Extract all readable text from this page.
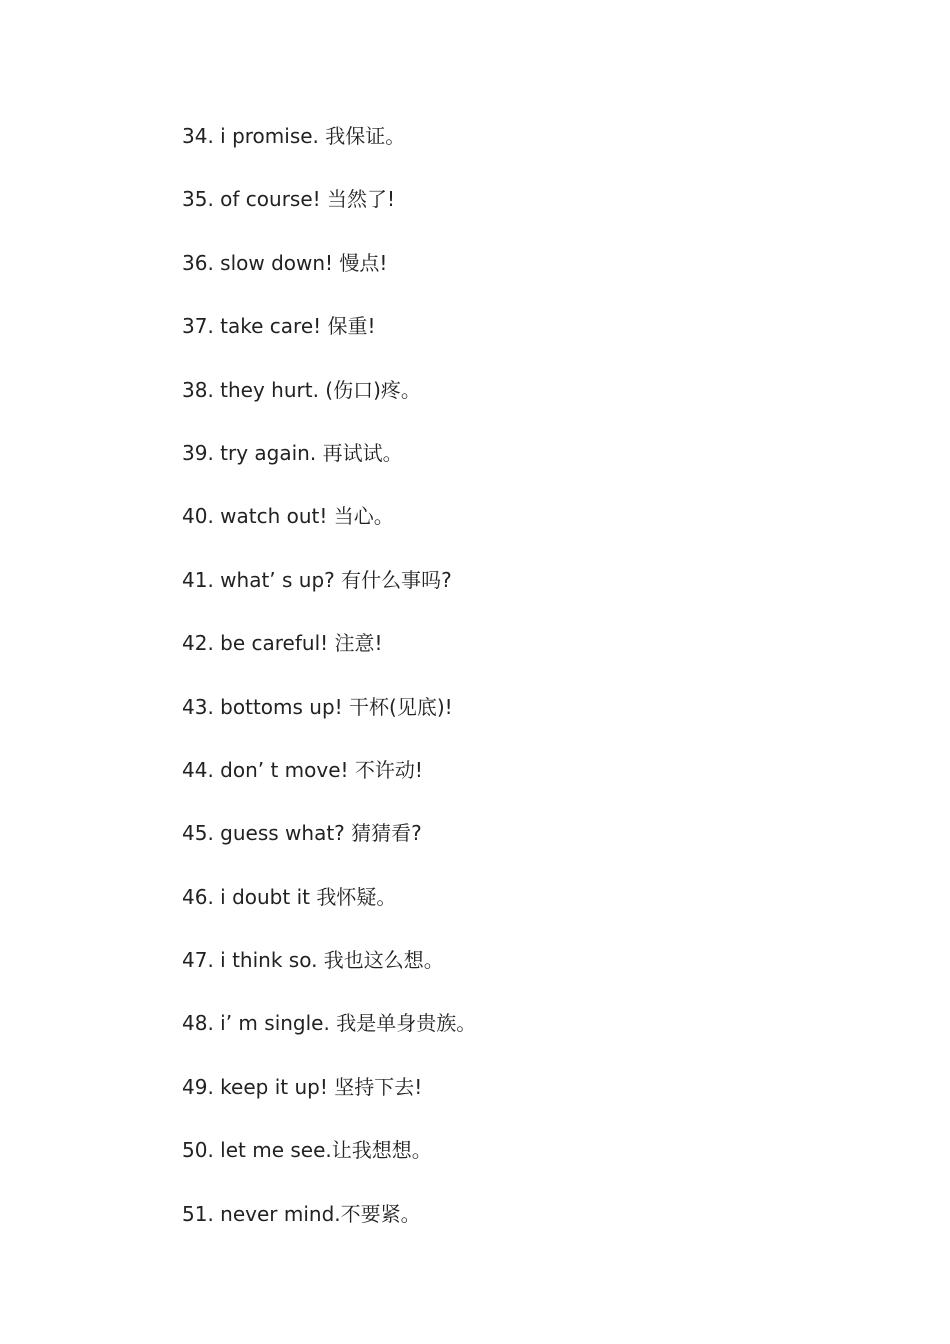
34. i promise. 我保证。
35. of course! 当然了!
36. slow down! 慢点!
37. take care! 保重!
38. they hurt. (伤口)疼。
39. try again. 再试试。
40. watch out! 当心。
41. what’ s up? 有什么事吗?
42. be careful! 注意!
43. bottoms up! 干杯(见底)!
44. don’ t move! 不许动!
45. guess what? 猜猜看?
46. i doubt it 我怀疑。
47. i think so. 我也这么想。
48. i’ m single. 我是单身贵族。
49. keep it up! 坚持下去!
50. let me see.让我想想。
51. never mind.不要紧。
